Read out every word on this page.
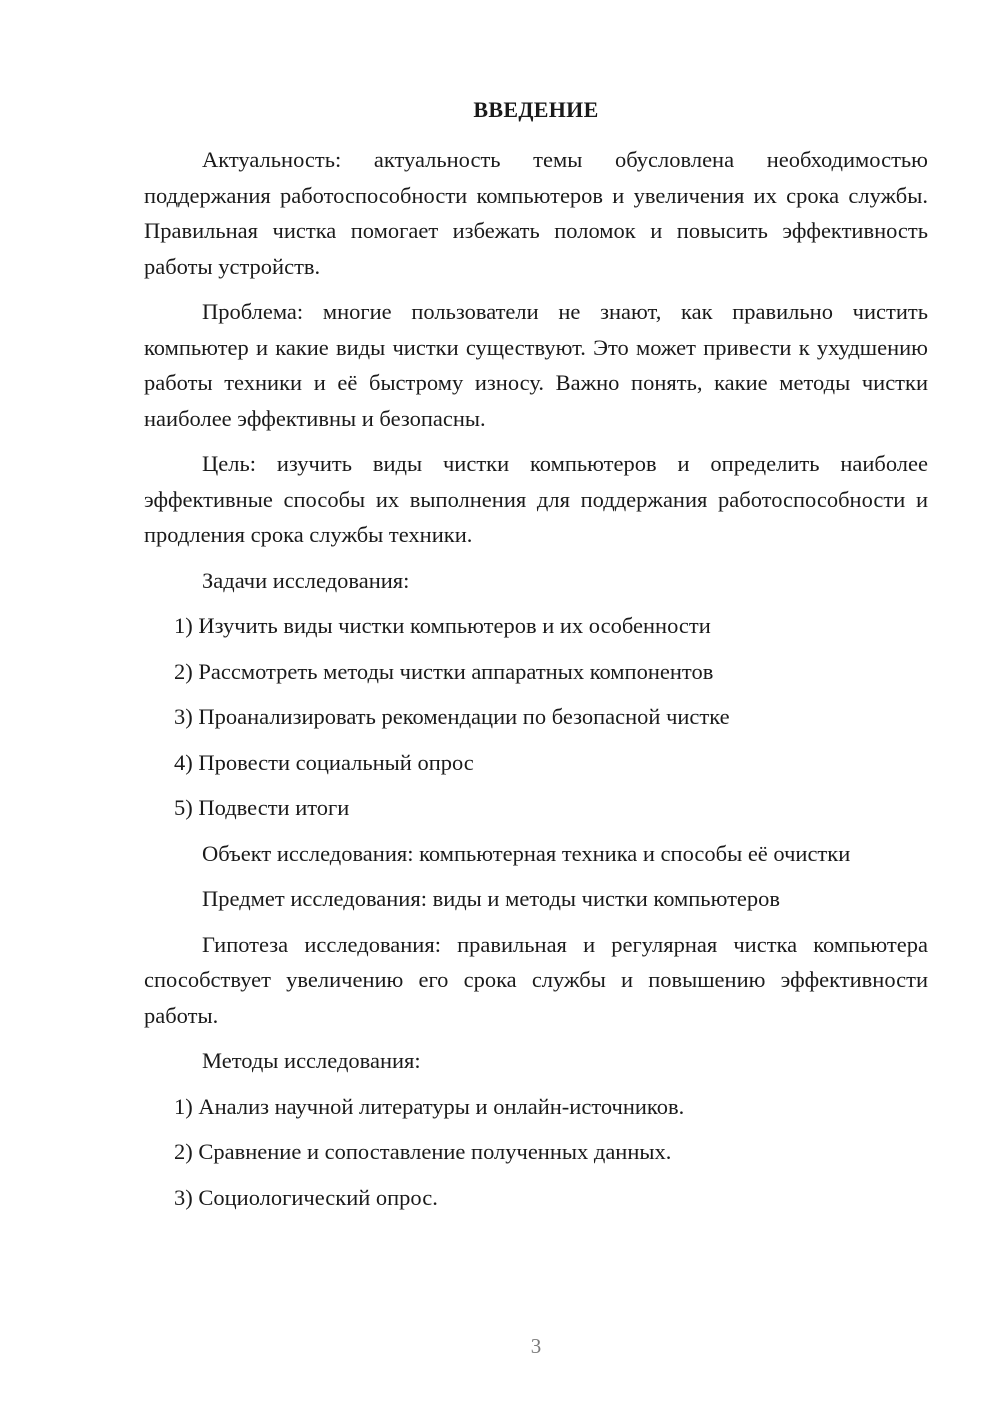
ВВЕДЕНИЕ

Актуальность: актуальность темы обусловлена необходимостью поддержания работоспособности компьютеров и увеличения их срока службы. Правильная чистка помогает избежать поломок и повысить эффективность работы устройств.

Проблема: многие пользователи не знают, как правильно чистить компьютер и какие виды чистки существуют. Это может привести к ухудшению работы техники и её быстрому износу. Важно понять, какие методы чистки наиболее эффективны и безопасны.

Цель: изучить виды чистки компьютеров и определить наиболее эффективные способы их выполнения для поддержания работоспособности и продления срока службы техники.

Задачи исследования:

1) Изучить виды чистки компьютеров и их особенности
2) Рассмотреть методы чистки аппаратных компонентов
3) Проанализировать рекомендации по безопасной чистке
4) Провести социальный опрос
5) Подвести итоги

Объект исследования: компьютерная техника и способы её очистки

Предмет исследования: виды и методы чистки компьютеров

Гипотеза исследования: правильная и регулярная чистка компьютера способствует увеличению его срока службы и повышению эффективности работы.

Методы исследования:

1) Анализ научной литературы и онлайн-источников.
2) Сравнение и сопоставление полученных данных.
3) Социологический опрос.
3
